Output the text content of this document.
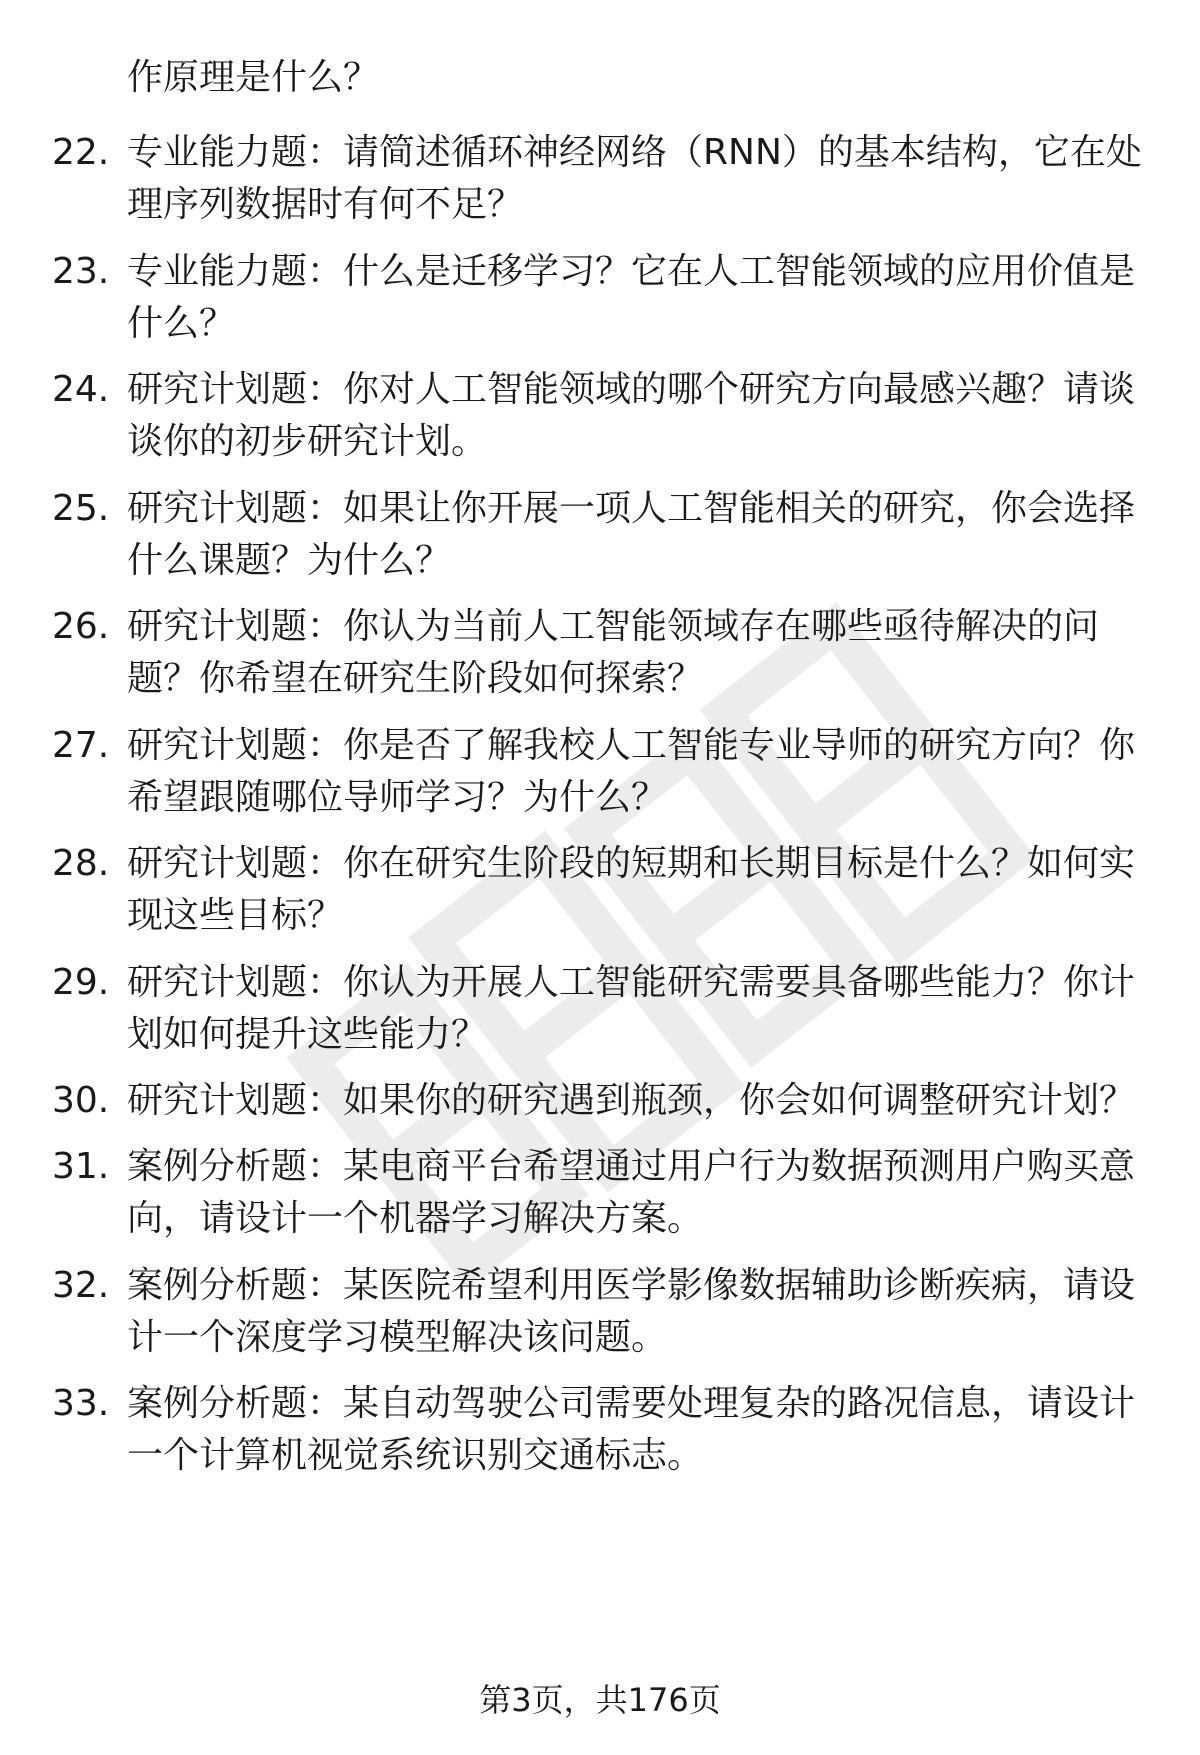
作原理是什么？
22. 专业能力题：请简述循环神经网络（RNN）的基本结构，它在处
理序列数据时有何不足？
23. 专业能力题：什么是迁移学习？它在人工智能领域的应用价值是
什么？
24. 研究计划题：你对人工智能领域的哪个研究方向最感兴趣？请谈
谈你的初步研究计划。
25. 研究计划题：如果让你开展一项人工智能相关的研究，你会选择
什么课题？为什么？
26. 研究计划题：你认为当前人工智能领域存在哪些亟待解决的问
题？你希望在研究生阶段如何探索？
27. 研究计划题：你是否了解我校人工智能专业导师的研究方向？你
希望跟随哪位导师学习？为什么？
28. 研究计划题：你在研究生阶段的短期和长期目标是什么？如何实
现这些目标？
29. 研究计划题：你认为开展人工智能研究需要具备哪些能力？你计
划如何提升这些能力？
30. 研究计划题：如果你的研究遇到瓶颈，你会如何调整研究计划？
31. 案例分析题：某电商平台希望通过用户行为数据预测用户购买意
向，请设计一个机器学习解决方案。
32. 案例分析题：某医院希望利用医学影像数据辅助诊断疾病，请设
计一个深度学习模型解决该问题。
33. 案例分析题：某自动驾驶公司需要处理复杂的路况信息，请设计
一个计算机视觉系统识别交通标志。
第3页，共176页
